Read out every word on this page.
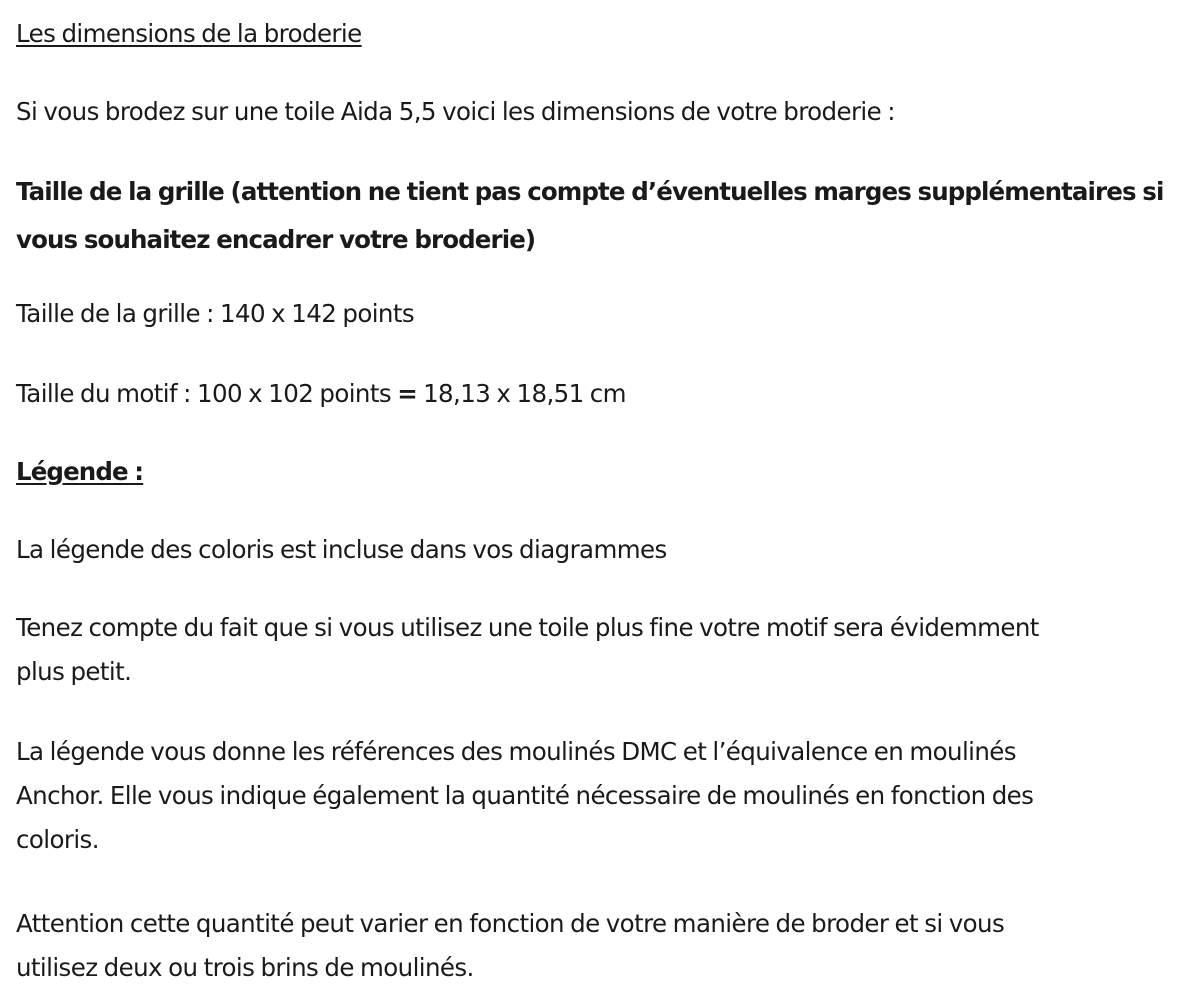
Les dimensions de la broderie

Si vous brodez sur une toile Aida 5,5 voici les dimensions de votre broderie :

Taille de la grille (attention ne tient pas compte d’éventuelles marges supplémentaires si

vous souhaitez encadrer votre broderie)

Taille de la grille : 140 x 142 points

Taille du motif : 100 x 102 points = 18,13 x 18,51 cm

Légende :

La légende des coloris est incluse dans vos diagrammes

Tenez compte du fait que si vous utilisez une toile plus fine votre motif sera évidemment

plus petit.

La légende vous donne les références des moulinés DMC et l’équivalence en moulinés

Anchor. Elle vous indique également la quantité nécessaire de moulinés en fonction des

coloris.

Attention cette quantité peut varier en fonction de votre manière de broder et si vous

utilisez deux ou trois brins de moulinés.
